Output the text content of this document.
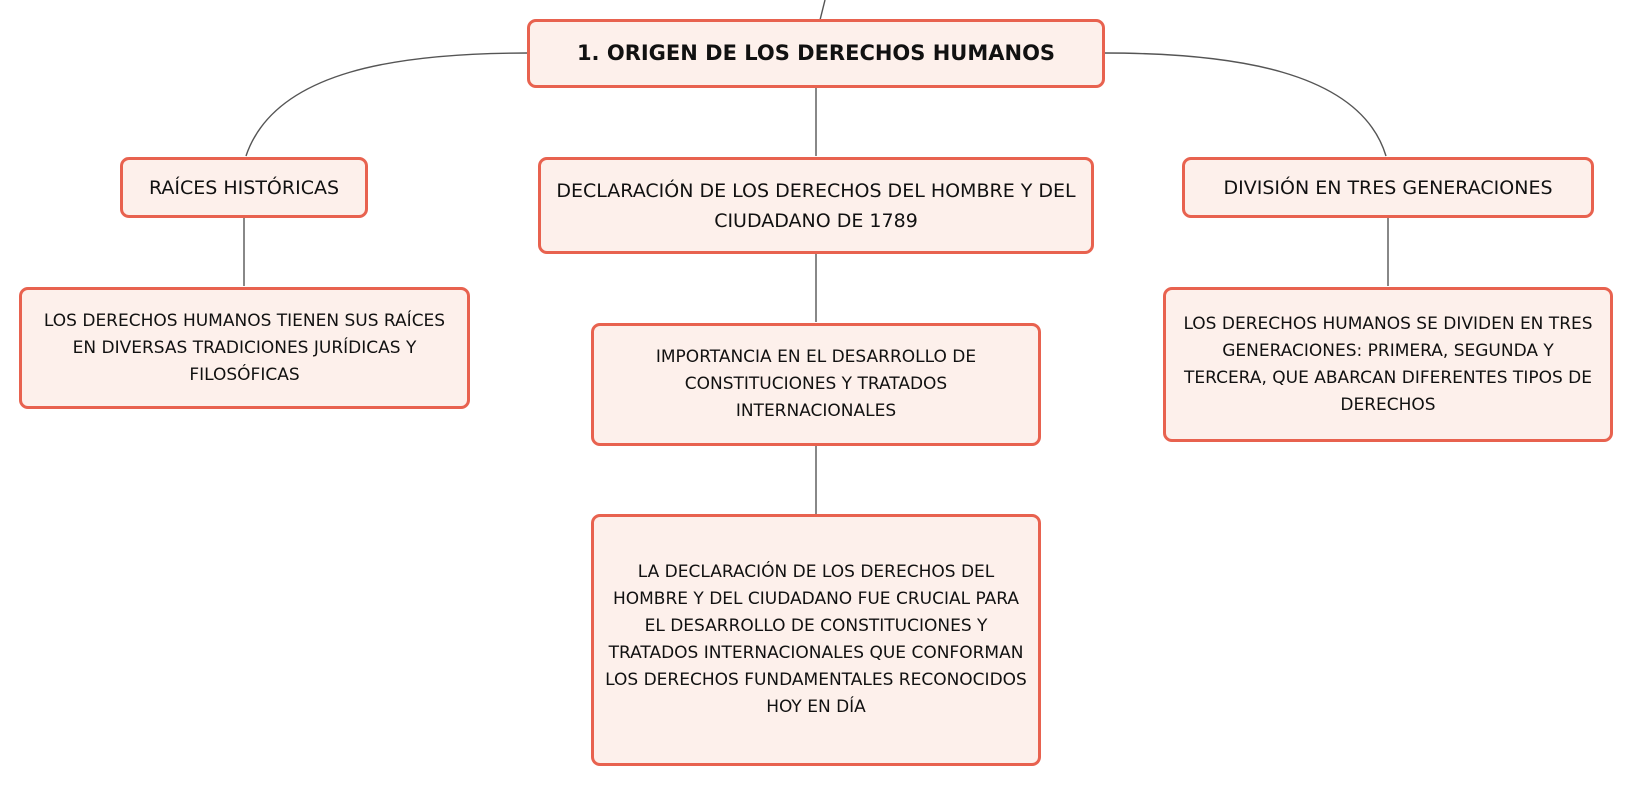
1. ORIGEN DE LOS DERECHOS HUMANOS
RAÍCES HISTÓRICAS	DECLARACIÓN DE LOS DERECHOS DEL HOMBRE Y DEL CIUDADANO DE 1789
DIVISIÓN EN TRES GENERACIONES
LOS DERECHOS HUMANOS TIENEN SUS RAÍCES EN DIVERSAS TRADICIONES JURÍDICAS Y FILOSÓFICAS
IMPORTANCIA EN EL DESARROLLO DE CONSTITUCIONES Y TRATADOS INTERNACIONALES
LOS DERECHOS HUMANOS SE DIVIDEN EN TRES GENERACIONES: PRIMERA, SEGUNDA Y TERCERA, QUE ABARCAN DIFERENTES TIPOS DE DERECHOS
LA DECLARACIÓN DE LOS DERECHOS DEL HOMBRE Y DEL CIUDADANO FUE CRUCIAL PARA EL DESARROLLO DE CONSTITUCIONES Y TRATADOS INTERNACIONALES QUE CONFORMAN LOS DERECHOS FUNDAMENTALES RECONOCIDOS HOY EN DÍA
